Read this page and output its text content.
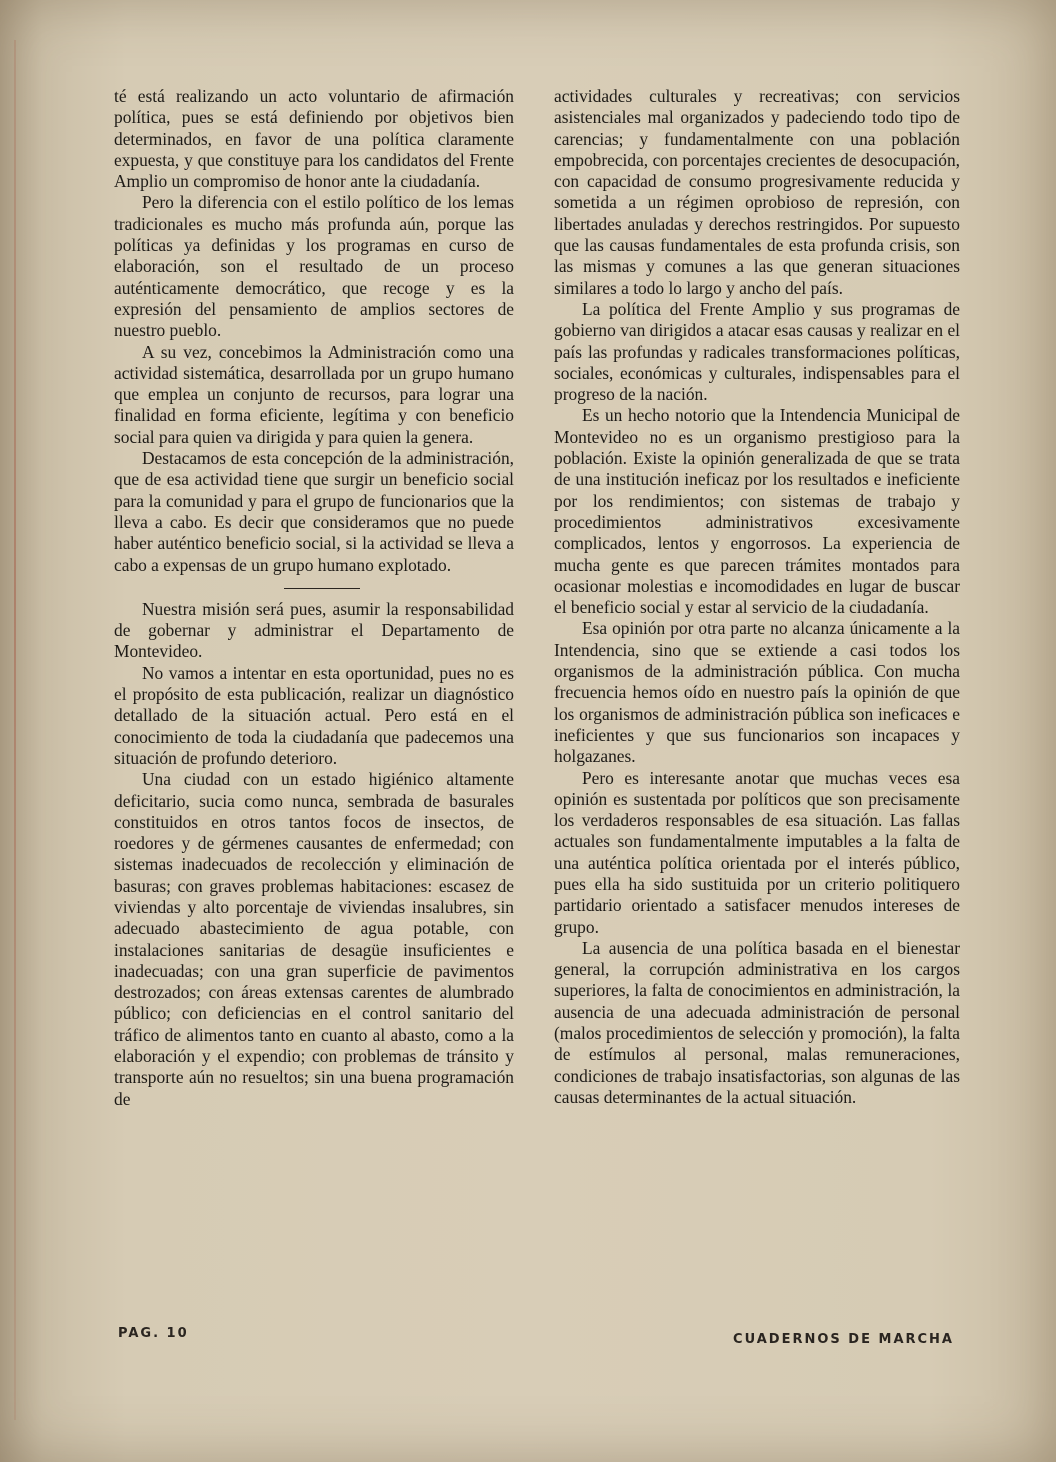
té está realizando un acto voluntario de afirmación política, pues se está definiendo por objetivos bien determinados, en favor de una política claramente expuesta, y que constituye para los candidatos del Frente Amplio un compromiso de honor ante la ciudadanía.

Pero la diferencia con el estilo político de los lemas tradicionales es mucho más profunda aún, porque las políticas ya definidas y los programas en curso de elaboración, son el resultado de un proceso auténticamente democrático, que recoge y es la expresión del pensamiento de amplios sectores de nuestro pueblo.

A su vez, concebimos la Administración como una actividad sistemática, desarrollada por un grupo humano que emplea un conjunto de recursos, para lograr una finalidad en forma eficiente, legítima y con beneficio social para quien va dirigida y para quien la genera.

Destacamos de esta concepción de la administración, que de esa actividad tiene que surgir un beneficio social para la comunidad y para el grupo de funcionarios que la lleva a cabo. Es decir que consideramos que no puede haber auténtico beneficio social, si la actividad se lleva a cabo a expensas de un grupo humano explotado.

Nuestra misión será pues, asumir la responsabilidad de gobernar y administrar el Departamento de Montevideo.

No vamos a intentar en esta oportunidad, pues no es el propósito de esta publicación, realizar un diagnóstico detallado de la situación actual. Pero está en el conocimiento de toda la ciudadanía que padecemos una situación de profundo deterioro.

Una ciudad con un estado higiénico altamente deficitario, sucia como nunca, sembrada de basurales constituidos en otros tantos focos de insectos, de roedores y de gérmenes causantes de enfermedad; con sistemas inadecuados de recolección y eliminación de basuras; con graves problemas habitaciones: escasez de viviendas y alto porcentaje de viviendas insalubres, sin adecuado abastecimiento de agua potable, con instalaciones sanitarias de desagüe insuficientes e inadecuadas; con una gran superficie de pavimentos destrozados; con áreas extensas carentes de alumbrado público; con deficiencias en el control sanitario del tráfico de alimentos tanto en cuanto al abasto, como a la elaboración y el expendio; con problemas de tránsito y transporte aún no resueltos; sin una buena programación de

actividades culturales y recreativas; con servicios asistenciales mal organizados y padeciendo todo tipo de carencias; y fundamentalmente con una población empobrecida, con porcentajes crecientes de desocupación, con capacidad de consumo progresivamente reducida y sometida a un régimen oprobioso de represión, con libertades anuladas y derechos restringidos. Por supuesto que las causas fundamentales de esta profunda crisis, son las mismas y comunes a las que generan situaciones similares a todo lo largo y ancho del país.

La política del Frente Amplio y sus programas de gobierno van dirigidos a atacar esas causas y realizar en el país las profundas y radicales transformaciones políticas, sociales, económicas y culturales, indispensables para el progreso de la nación.

Es un hecho notorio que la Intendencia Municipal de Montevideo no es un organismo prestigioso para la población. Existe la opinión generalizada de que se trata de una institución ineficaz por los resultados e ineficiente por los rendimientos; con sistemas de trabajo y procedimientos administrativos excesivamente complicados, lentos y engorrosos. La experiencia de mucha gente es que parecen trámites montados para ocasionar molestias e incomodidades en lugar de buscar el beneficio social y estar al servicio de la ciudadanía.

Esa opinión por otra parte no alcanza únicamente a la Intendencia, sino que se extiende a casi todos los organismos de la administración pública. Con mucha frecuencia hemos oído en nuestro país la opinión de que los organismos de administración pública son ineficaces e ineficientes y que sus funcionarios son incapaces y holgazanes.

Pero es interesante anotar que muchas veces esa opinión es sustentada por políticos que son precisamente los verdaderos responsables de esa situación. Las fallas actuales son fundamentalmente imputables a la falta de una auténtica política orientada por el interés público, pues ella ha sido sustituida por un criterio politiquero partidario orientado a satisfacer menudos intereses de grupo.

La ausencia de una política basada en el bienestar general, la corrupción administrativa en los cargos superiores, la falta de conocimientos en administración, la ausencia de una adecuada administración de personal (malos procedimientos de selección y promoción), la falta de estímulos al personal, malas remuneraciones, condiciones de trabajo insatisfactorias, son algunas de las causas determinantes de la actual situación.

PAG. 10	CUADERNOS DE MARCHA
